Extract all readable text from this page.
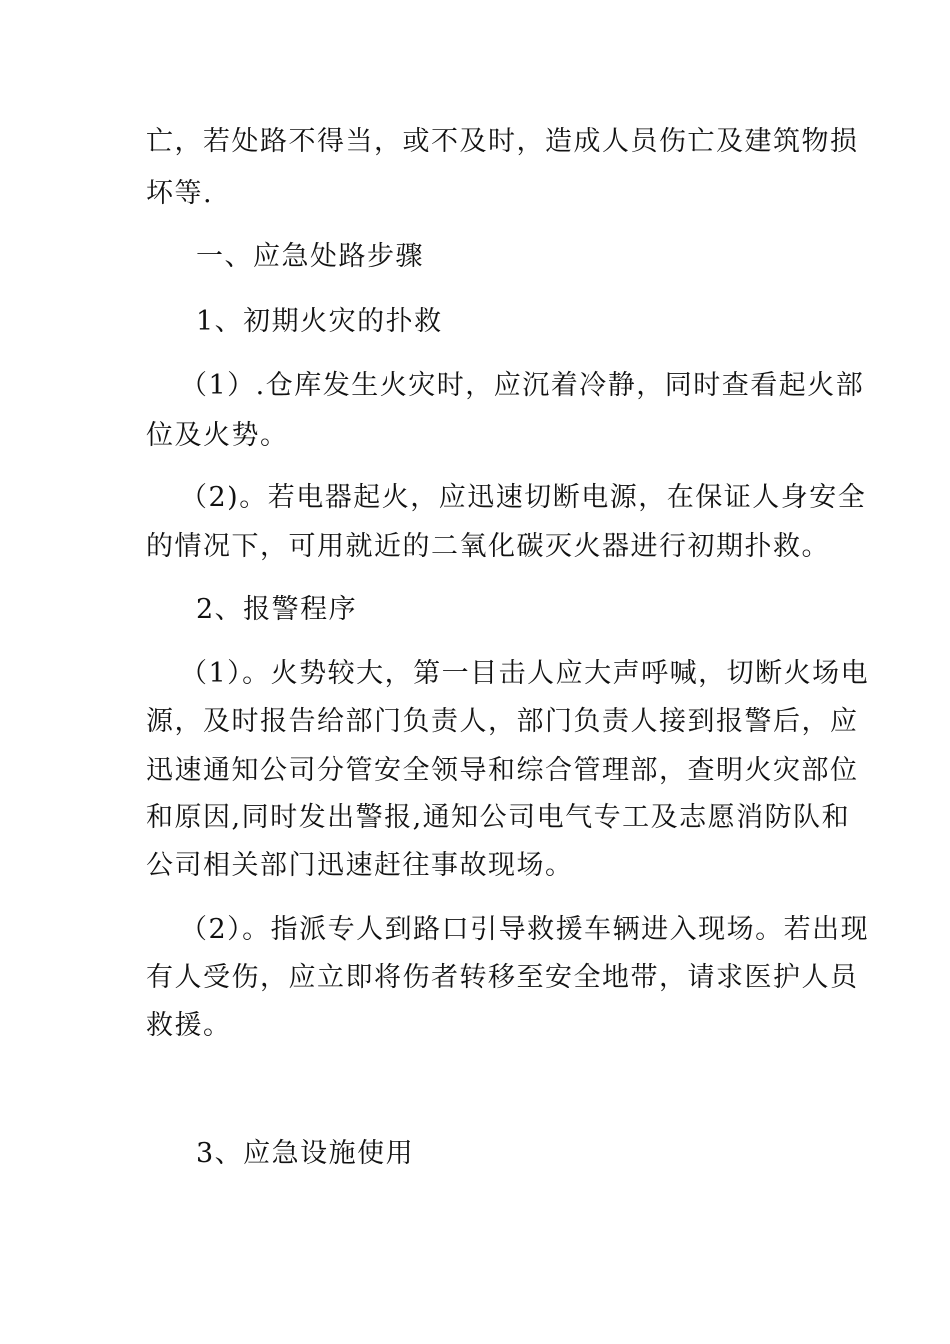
亡，若处路不得当，或不及时，造成人员伤亡及建筑物损
坏等.
一、应急处路步骤
1、初期火灾的扑救
（1）.仓库发生火灾时，应沉着冷静，同时查看起火部
位及火势。
（2)。若电器起火，应迅速切断电源，在保证人身安全
的情况下，可用就近的二氧化碳灭火器进行初期扑救。
2、报警程序
（1）。火势较大，第一目击人应大声呼喊，切断火场电
源，及时报告给部门负责人，部门负责人接到报警后，应
迅速通知公司分管安全领导和综合管理部，查明火灾部位
和原因,同时发出警报,通知公司电气专工及志愿消防队和
公司相关部门迅速赶往事故现场。
（2）。指派专人到路口引导救援车辆进入现场。若出现
有人受伤，应立即将伤者转移至安全地带，请求医护人员
救援。
3、应急设施使用
